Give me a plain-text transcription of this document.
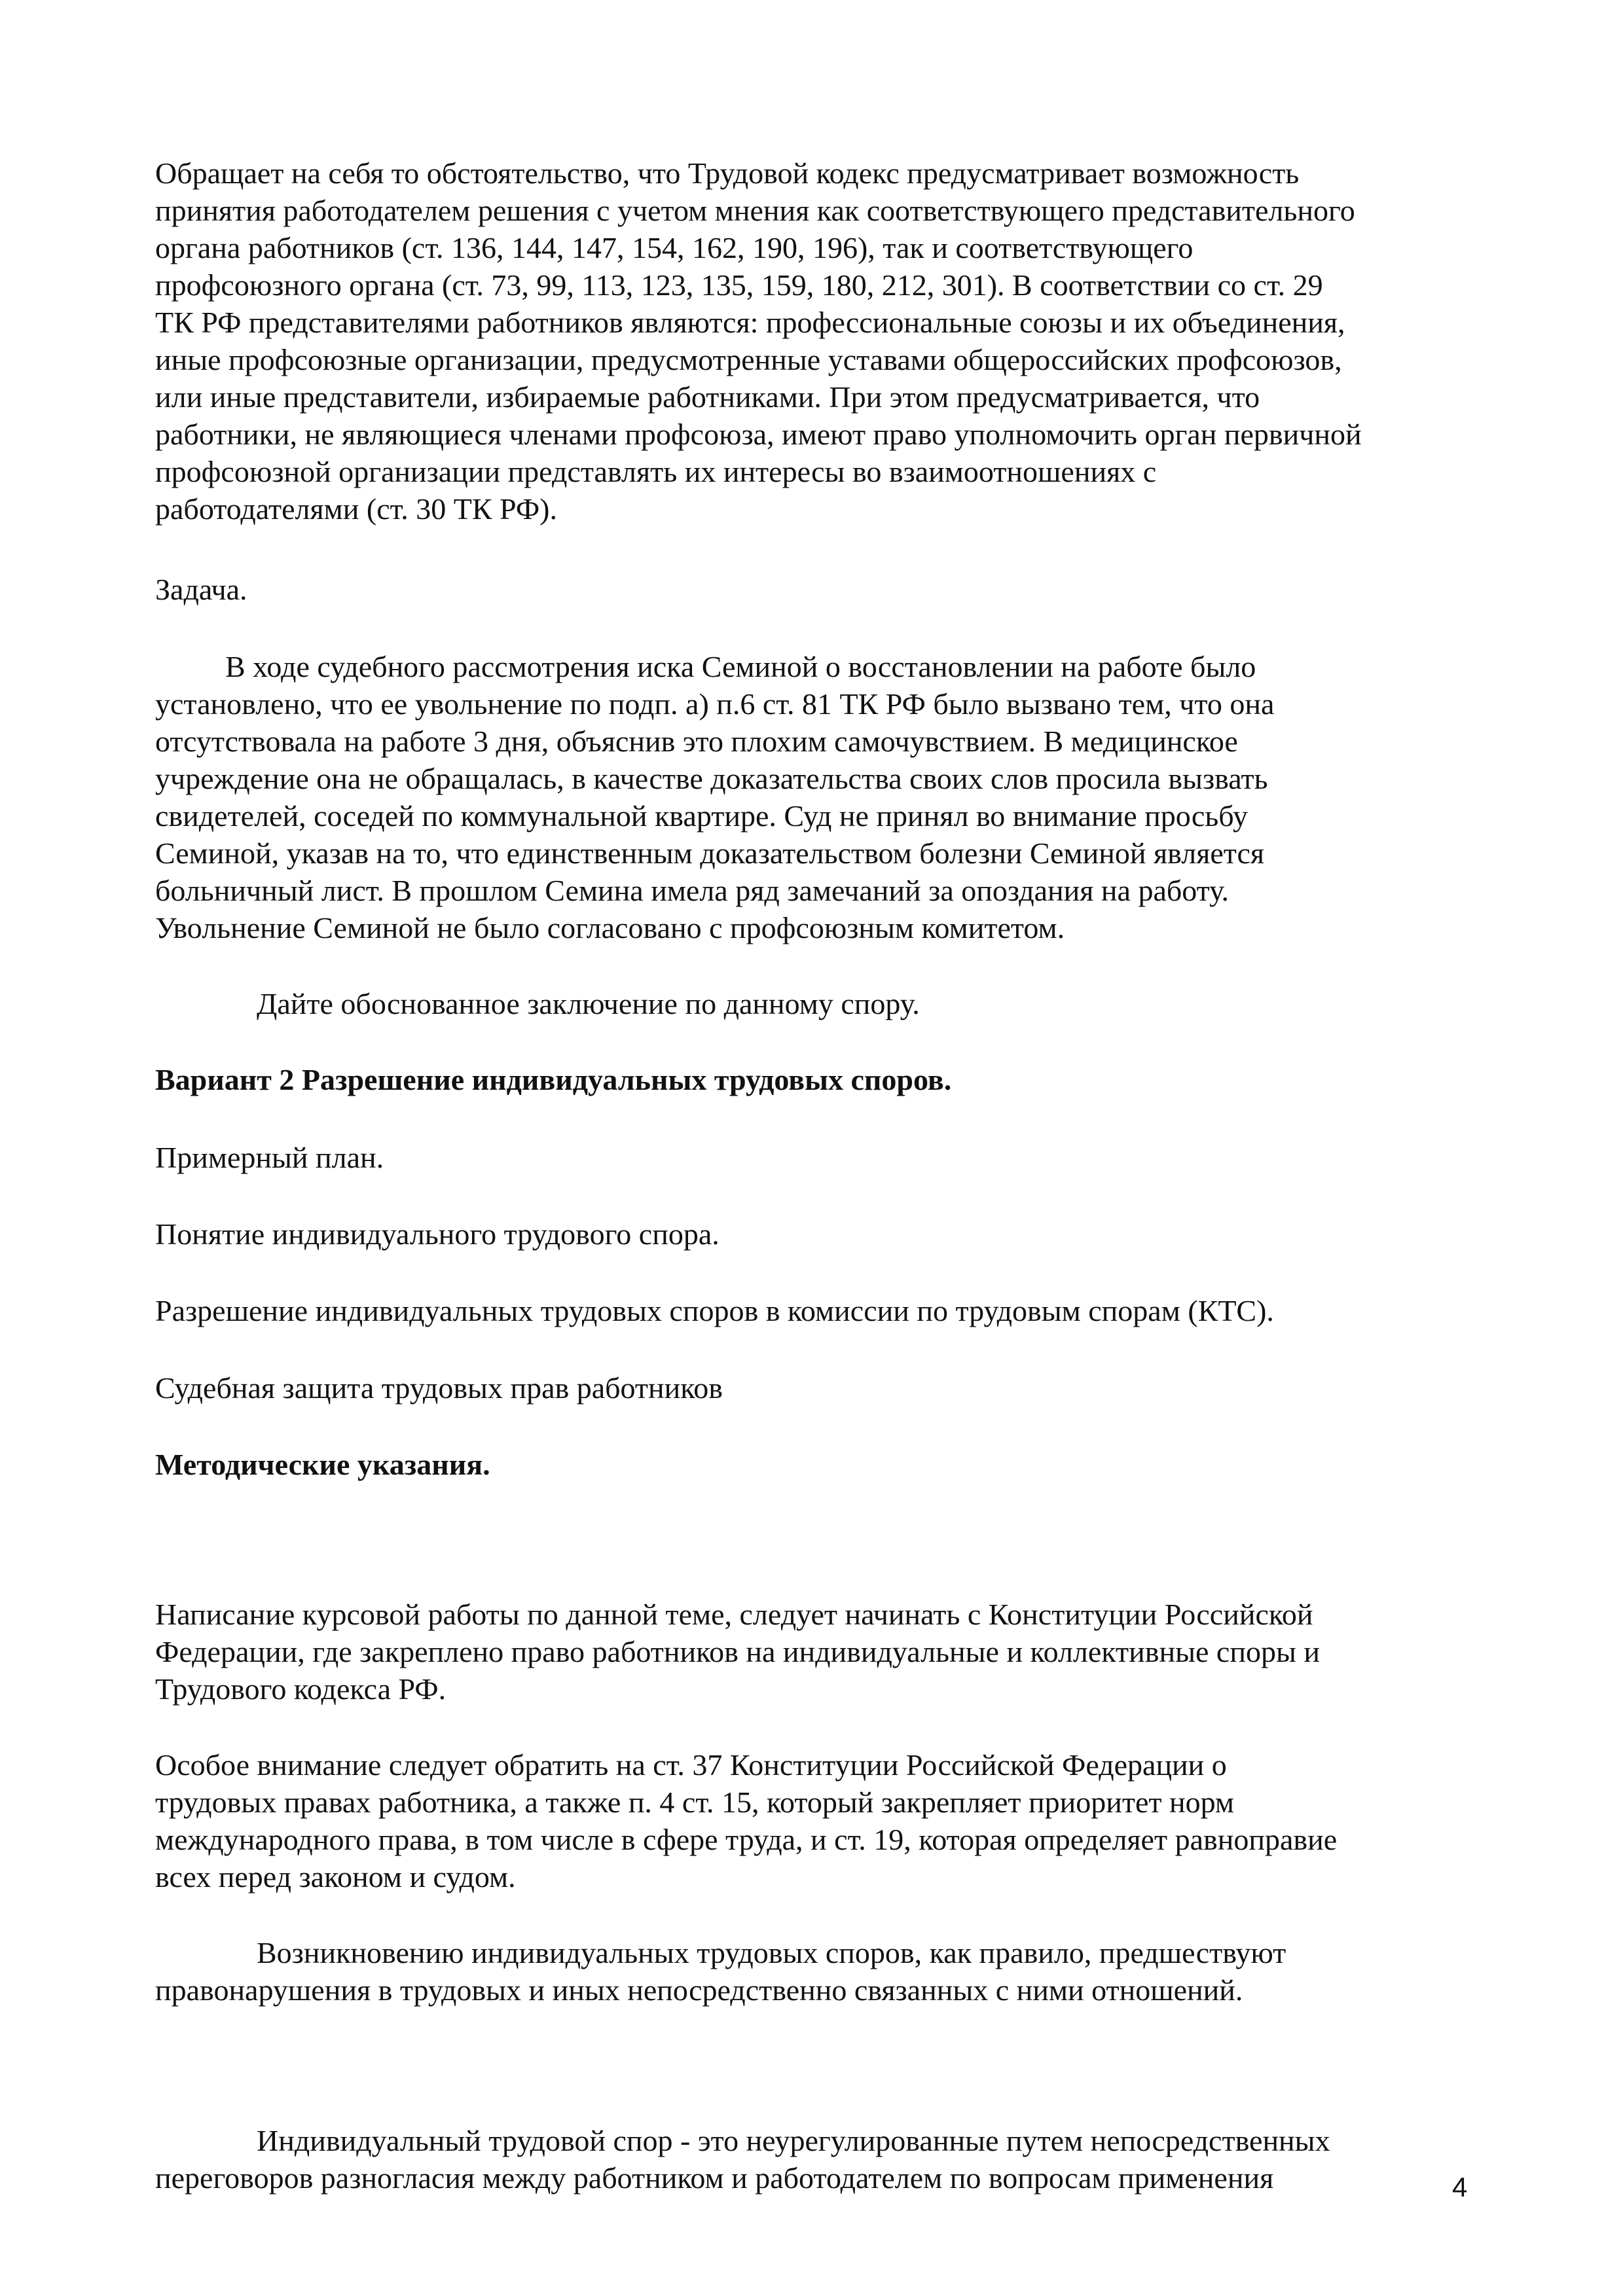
Обращает на себя то обстоятельство, что Трудовой кодекс предусматривает возможность
принятия работодателем решения с учетом мнения как соответствующего представительного
органа работников (ст. 136, 144, 147, 154, 162, 190, 196), так и соответствующего
профсоюзного органа (ст. 73, 99, 113, 123, 135, 159, 180, 212, 301). В соответствии со ст. 29
ТК РФ представителями работников являются: профессиональные союзы и их объединения,
иные профсоюзные организации, предусмотренные уставами общероссийских профсоюзов,
или иные представители, избираемые работниками. При этом предусматривается, что
работники, не являющиеся членами профсоюза, имеют право уполномочить орган первичной
профсоюзной организации представлять их интересы во взаимоотношениях с
работодателями (ст. 30 ТК РФ).

Задача.

В ходе судебного рассмотрения иска Семиной о восстановлении на работе было
установлено, что ее увольнение по подп. а) п.6 ст. 81 ТК РФ было вызвано тем, что она
отсутствовала на работе 3 дня, объяснив это плохим самочувствием. В медицинское
учреждение она не обращалась, в качестве доказательства своих слов просила вызвать
свидетелей, соседей по коммунальной квартире. Суд не принял во внимание просьбу
Семиной, указав на то, что единственным доказательством болезни Семиной является
больничный лист. В прошлом Семина имела ряд замечаний за опоздания на работу.
Увольнение Семиной не было согласовано с профсоюзным комитетом.

Дайте обоснованное заключение по данному спору.

Вариант 2 Разрешение индивидуальных трудовых споров.

Примерный план.

Понятие индивидуального трудового спора.

Разрешение индивидуальных трудовых споров в комиссии по трудовым спорам (КТС).

Судебная защита трудовых прав работников

Методические указания.

Написание курсовой работы по данной теме, следует начинать с Конституции Российской
Федерации, где закреплено право работников на индивидуальные и коллективные споры и
Трудового кодекса РФ.

Особое внимание следует обратить на ст. 37 Конституции Российской Федерации о
трудовых правах работника, а также п. 4 ст. 15, который закрепляет приоритет норм
международного права, в том числе в сфере труда, и ст. 19, которая определяет равноправие
всех перед законом и судом.

Возникновению индивидуальных трудовых споров, как правило, предшествуют
правонарушения в трудовых и иных непосредственно связанных с ними отношений.

Индивидуальный трудовой спор - это неурегулированные путем непосредственных
переговоров разногласия между работником и работодателем по вопросам применения	4
